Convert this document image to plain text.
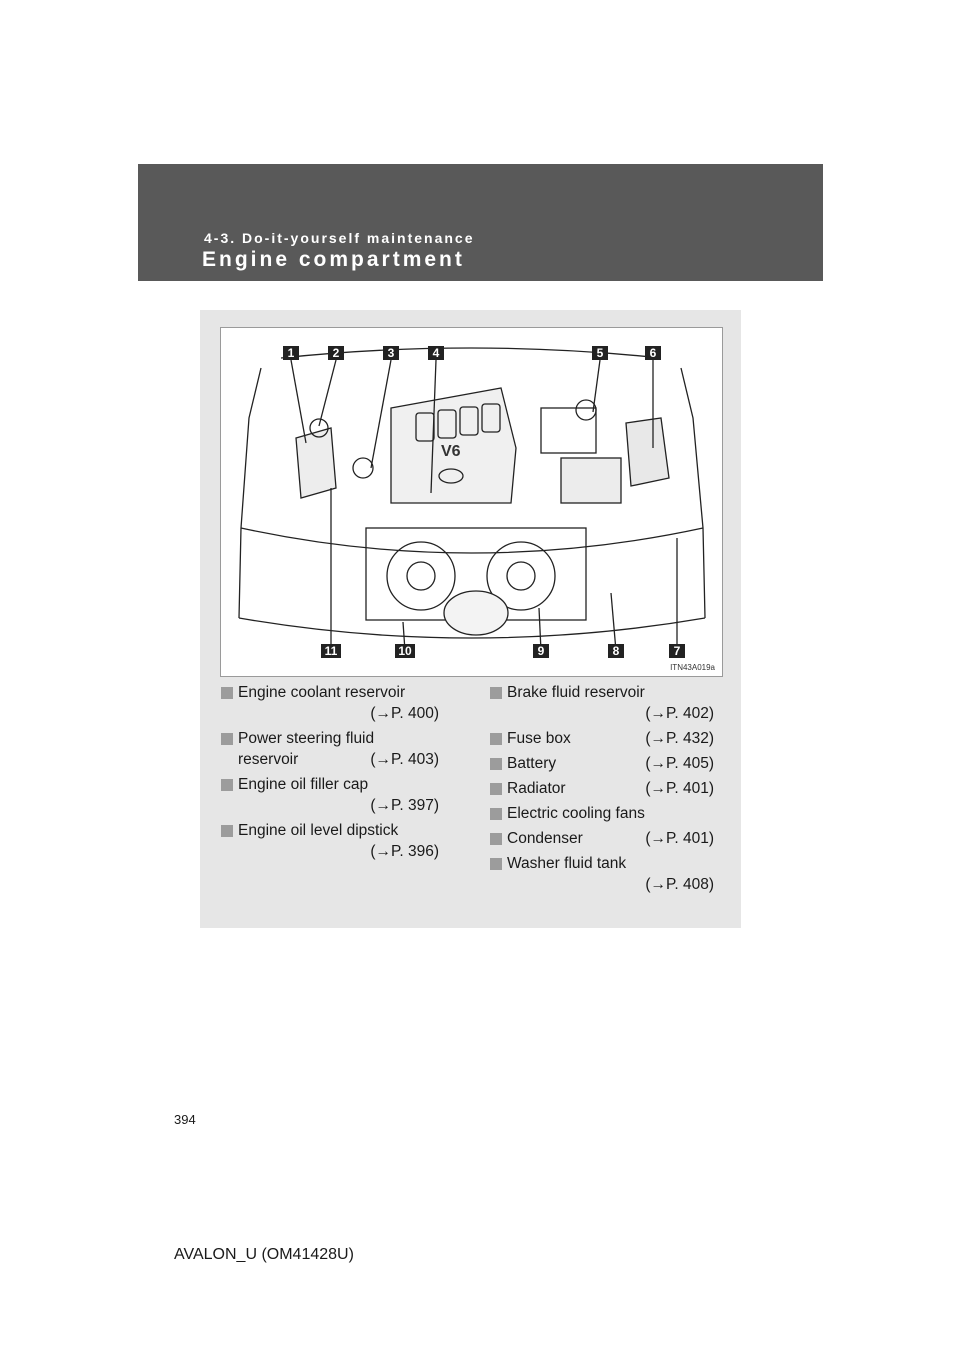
4-3. Do-it-yourself maintenance

Engine compartment
V6
1	2	3	4	5	6
7
8
9
10
11
ITN43A019a
Engine coolant reservoir
(→P. 400)
Power steering fluid
reservoir	(→P. 403)
Engine oil filler cap
(→P. 397)
Engine oil level dipstick
(→P. 396)
Brake fluid reservoir
(→P. 402)
Fuse box	(→P. 432)
Battery	(→P. 405)
Radiator	(→P. 401)
Electric cooling fans
Condenser	(→P. 401)
Washer fluid tank
(→P. 408)

394

AVALON_U (OM41428U)
